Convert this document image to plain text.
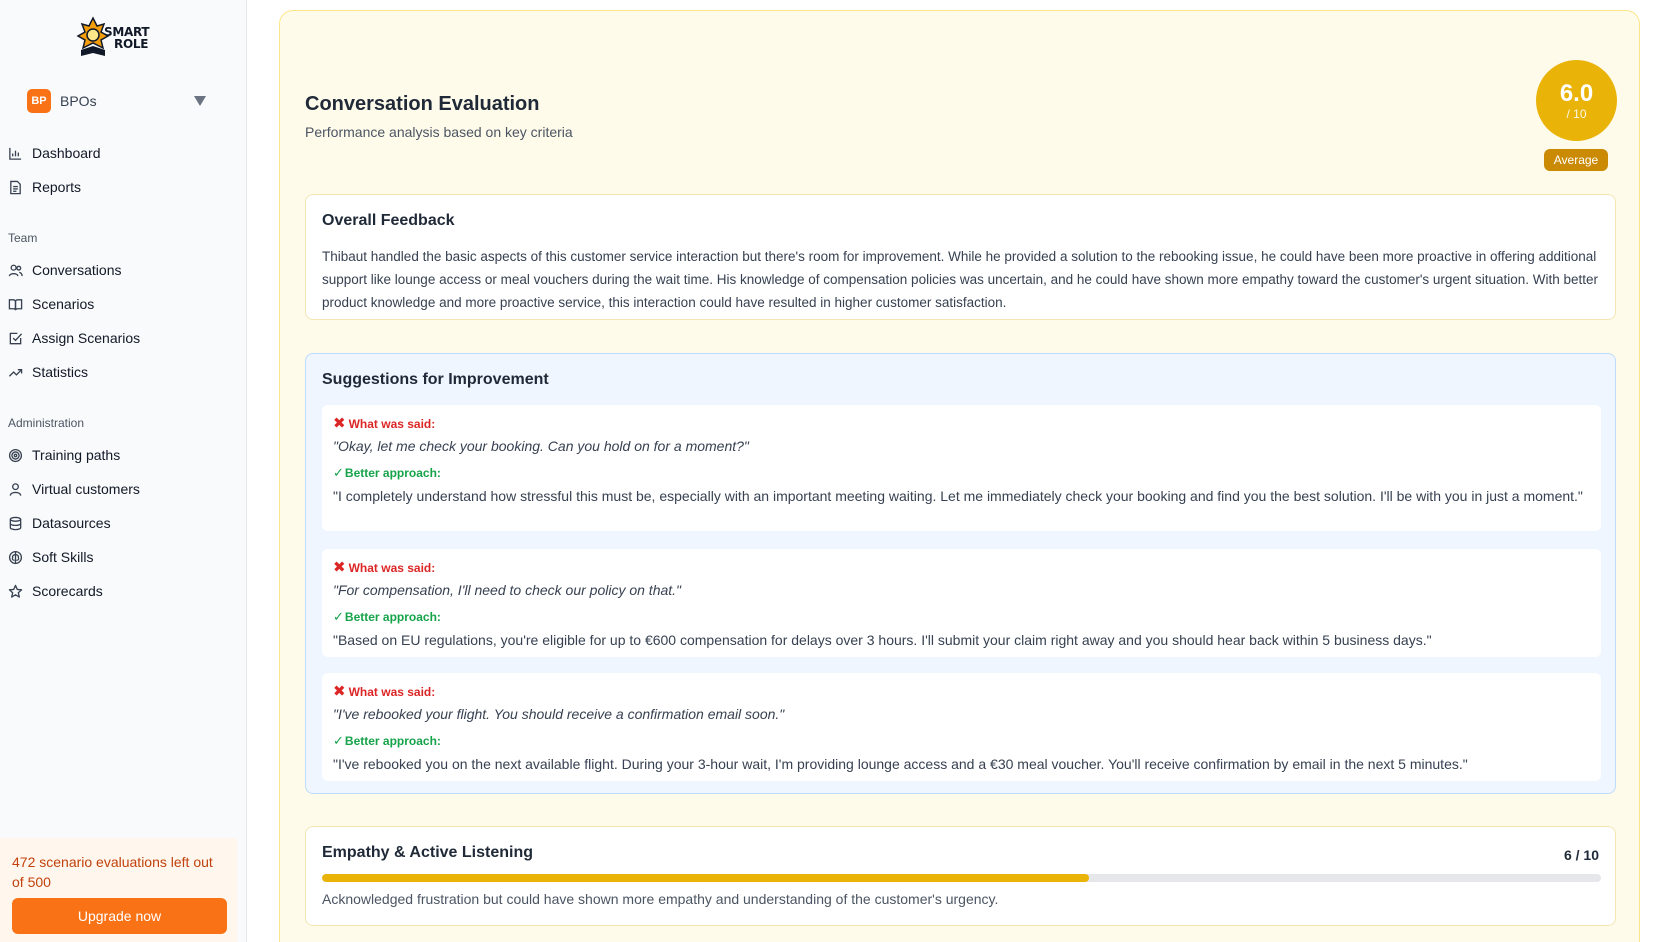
SMART
ROLE
BP BPOs
Dashboard
Reports
Team
Conversations
Scenarios
Assign Scenarios
Statistics
Administration
Training paths
Virtual customers
Datasources
Soft Skills
Scorecards
472 scenario evaluations left out of 500
Upgrade now
Conversation Evaluation

Performance analysis based on key criteria

6.0
/ 10
Average
Overall Feedback

Thibaut handled the basic aspects of this customer service interaction but there's room for improvement. While he provided a solution to the rebooking issue, he could have been more proactive in offering additional support like lounge access or meal vouchers during the wait time. His knowledge of compensation policies was uncertain, and he could have shown more empathy toward the customer's urgent situation. With better product knowledge and more proactive service, this interaction could have resulted in higher customer satisfaction.

Suggestions for Improvement
✖ What was said:
"Okay, let me check your booking. Can you hold on for a moment?"
✓ Better approach:
"I completely understand how stressful this must be, especially with an important meeting waiting. Let me immediately check your booking and find you the best solution. I'll be with you in just a moment."
✖ What was said:
"For compensation, I'll need to check our policy on that."
✓ Better approach:
"Based on EU regulations, you're eligible for up to €600 compensation for delays over 3 hours. I'll submit your claim right away and you should hear back within 5 business days."
✖ What was said:
"I've rebooked your flight. You should receive a confirmation email soon."
✓ Better approach:
"I've rebooked you on the next available flight. During your 3-hour wait, I'm providing lounge access and a €30 meal voucher. You'll receive confirmation by email in the next 5 minutes."
Empathy & Active Listening	6 / 10

Acknowledged frustration but could have shown more empathy and understanding of the customer's urgency.
